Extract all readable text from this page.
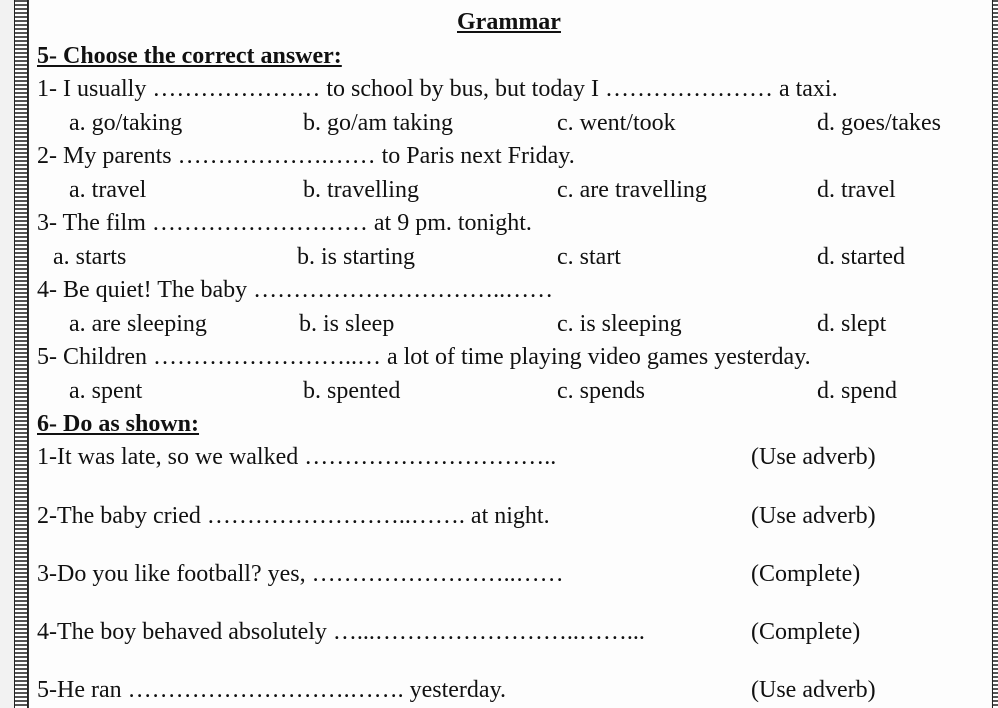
Grammar
5- Choose the correct answer:
1- I usually ………………… to school by bus, but today I ………………… a taxi.
a. go/taking	b. go/am taking	c. went/took	d. goes/takes
2- My parents ……………….…… to Paris next Friday.
a. travel	b. travelling	c. are travelling	d. travel
3- The film ……………………… at 9 pm. tonight.
a. starts	b. is starting	c. start	d. started
4- Be quiet! The baby …………………………..……
a. are sleeping	b. is sleep	c. is sleeping	d. slept
5- Children ……………………..… a lot of time playing video games yesterday.
a. spent	b. spented	c. spends	d. spend
6- Do as shown:
1-It was late, so we walked …………………………..	(Use adverb)
2-The baby cried ……………………..……. at night.	(Use adverb)
3-Do you like football? yes, ……………………..……	(Complete)
4-The boy behaved absolutely …...……………………..……...	(Complete)
5-He ran ……………………….……. yesterday.	(Use adverb)
